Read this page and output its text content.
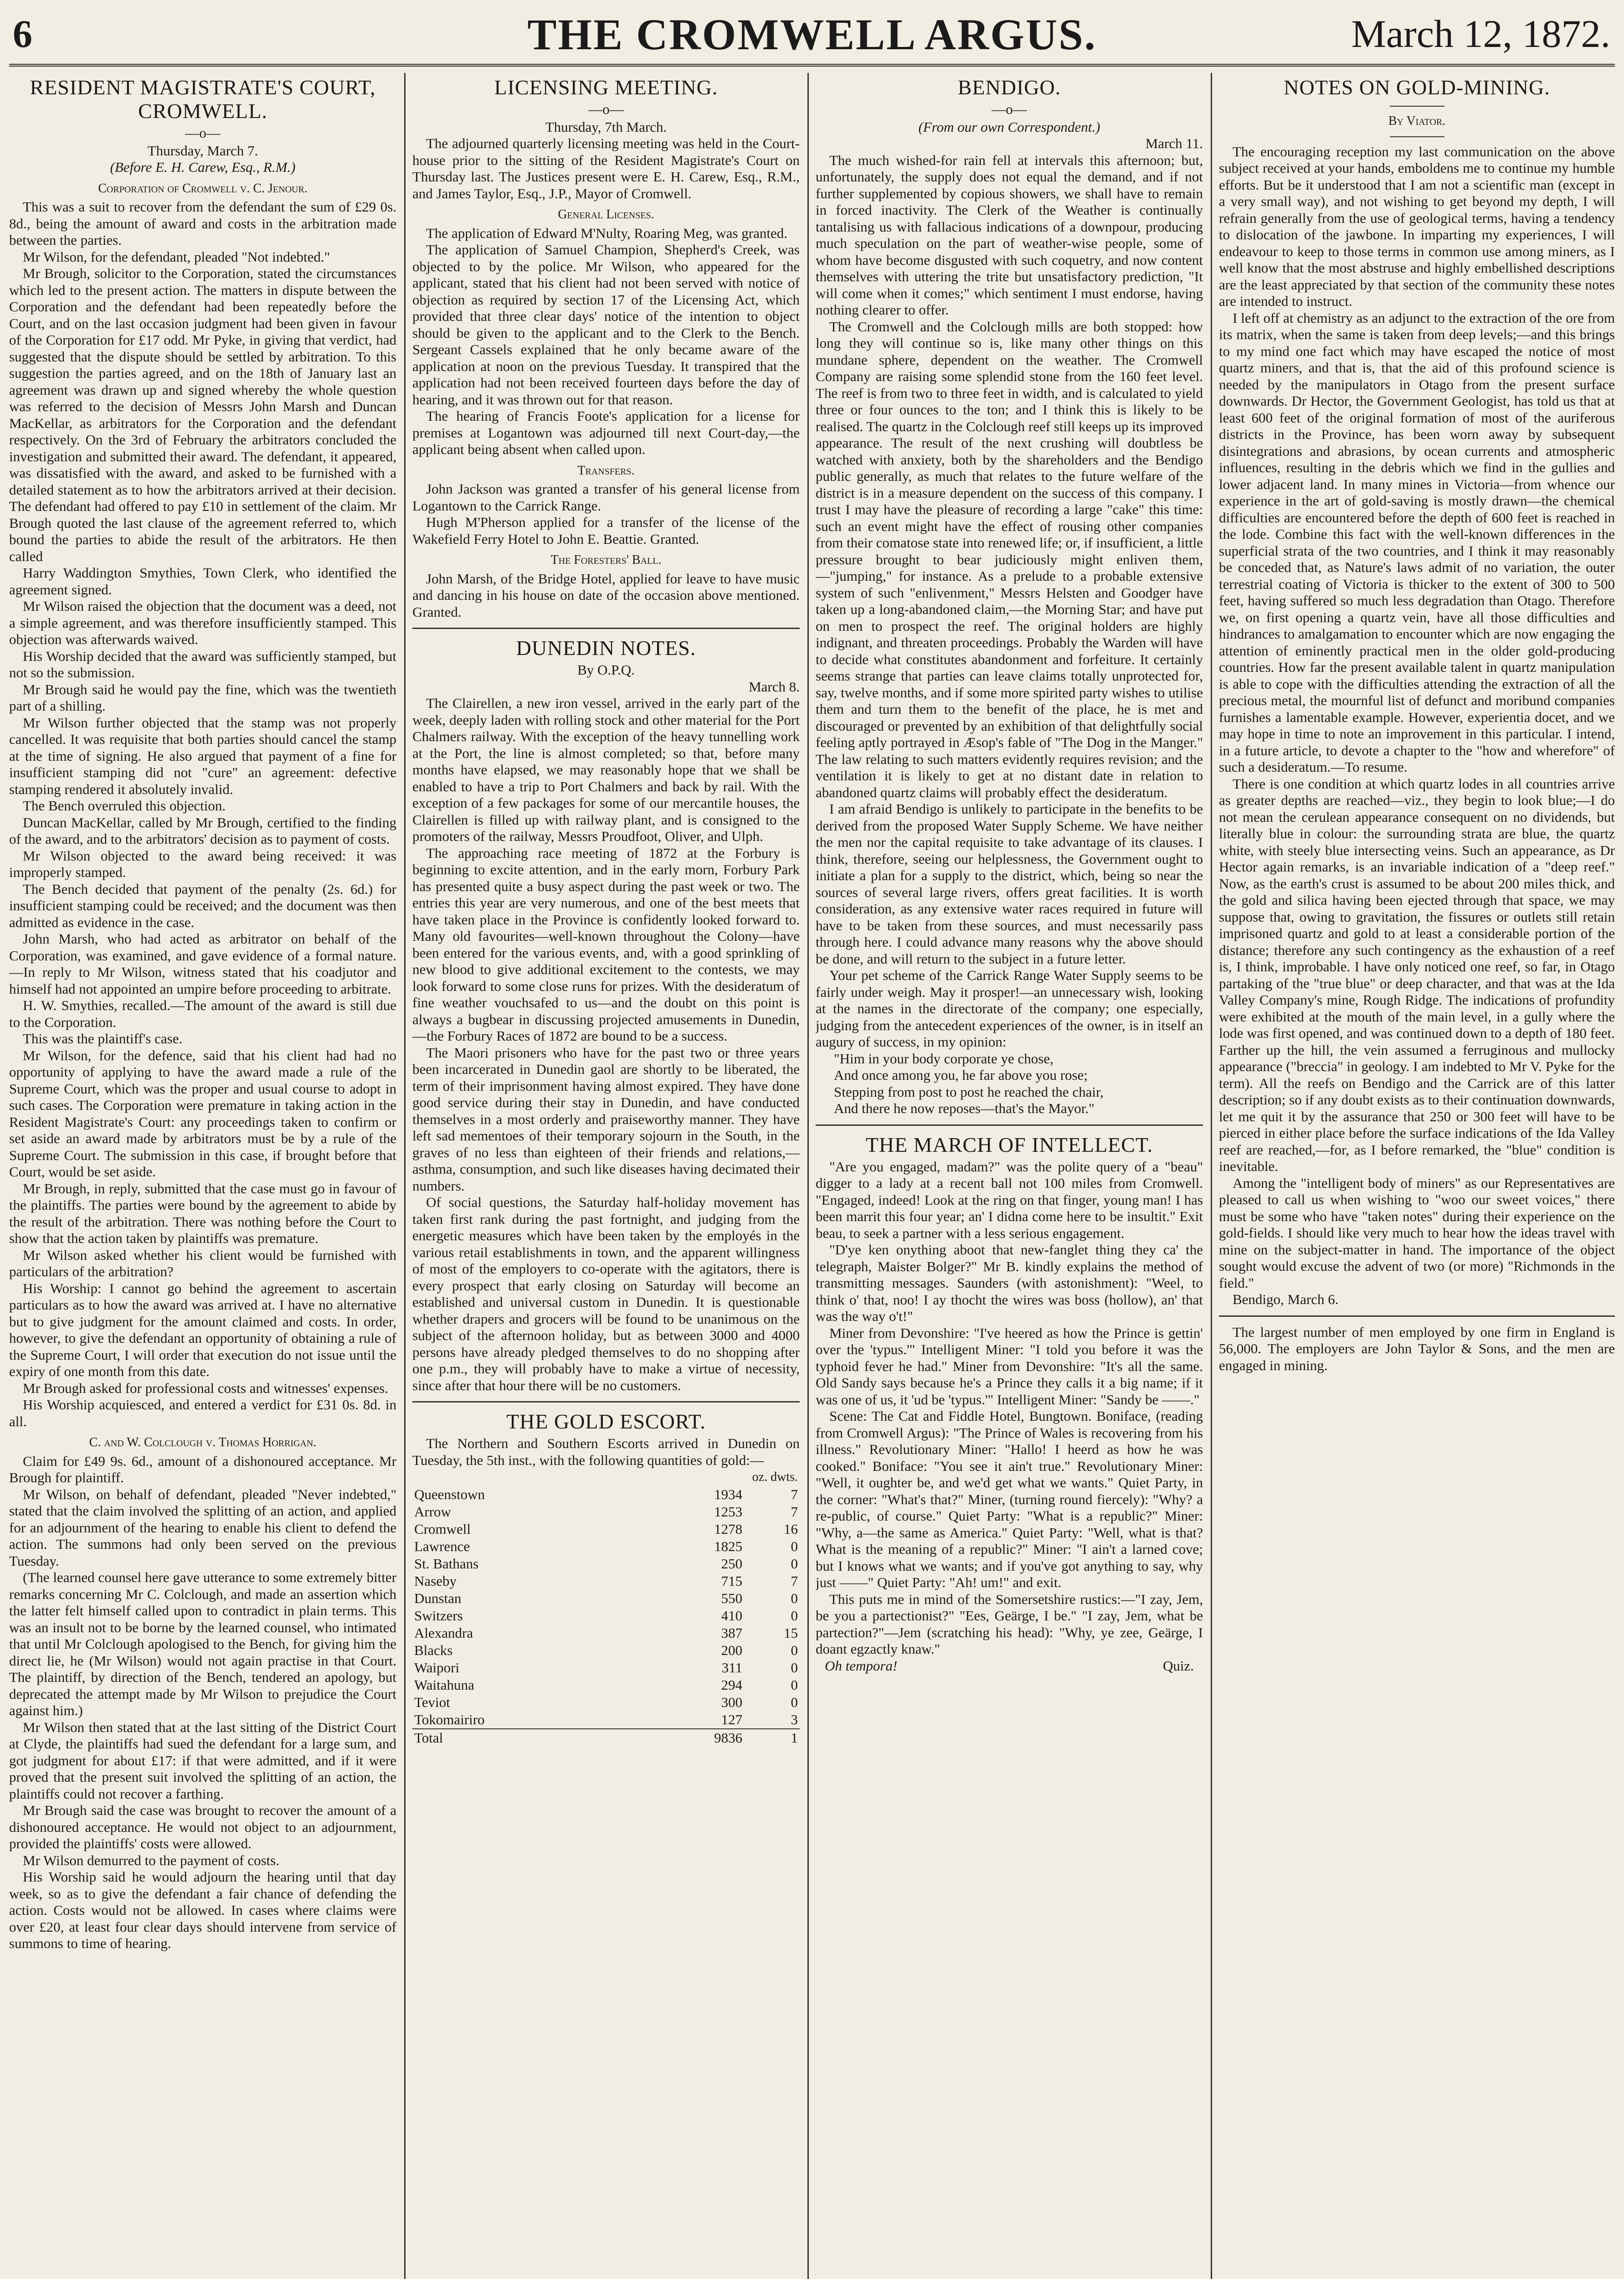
6	THE CROMWELL ARGUS.	March 12, 1872.
RESIDENT MAGISTRATE'S COURT, CROMWELL.
—o—
Thursday, March 7.
(Before E. H. Carew, Esq., R.M.)
Corporation of Cromwell v. C. Jenour.

This was a suit to recover from the defendant the sum of £29 0s. 8d., being the amount of award and costs in the arbitration made between the parties.

Mr Wilson, for the defendant, pleaded "Not indebted."

Mr Brough, solicitor to the Corporation, stated the circumstances which led to the present action. The matters in dispute between the Corporation and the defendant had been repeatedly before the Court, and on the last occasion judgment had been given in favour of the Corporation for £17 odd. Mr Pyke, in giving that verdict, had suggested that the dispute should be settled by arbitration. To this suggestion the parties agreed, and on the 18th of January last an agreement was drawn up and signed whereby the whole question was referred to the decision of Messrs John Marsh and Duncan MacKellar, as arbitrators for the Corporation and the defendant respectively. On the 3rd of February the arbitrators concluded the investigation and submitted their award. The defendant, it appeared, was dissatisfied with the award, and asked to be furnished with a detailed statement as to how the arbitrators arrived at their decision. The defendant had offered to pay £10 in settlement of the claim. Mr Brough quoted the last clause of the agreement referred to, which bound the parties to abide the result of the arbitrators. He then called

Harry Waddington Smythies, Town Clerk, who identified the agreement signed.

Mr Wilson raised the objection that the document was a deed, not a simple agreement, and was therefore insufficiently stamped. This objection was afterwards waived.

His Worship decided that the award was sufficiently stamped, but not so the submission.

Mr Brough said he would pay the fine, which was the twentieth part of a shilling.

Mr Wilson further objected that the stamp was not properly cancelled. It was requisite that both parties should cancel the stamp at the time of signing. He also argued that payment of a fine for insufficient stamping did not "cure" an agreement: defective stamping rendered it absolutely invalid.

The Bench overruled this objection.

Duncan MacKellar, called by Mr Brough, certified to the finding of the award, and to the arbitrators' decision as to payment of costs.

Mr Wilson objected to the award being received: it was improperly stamped.

The Bench decided that payment of the penalty (2s. 6d.) for insufficient stamping could be received; and the document was then admitted as evidence in the case.

John Marsh, who had acted as arbitrator on behalf of the Corporation, was examined, and gave evidence of a formal nature.—In reply to Mr Wilson, witness stated that his coadjutor and himself had not appointed an umpire before proceeding to arbitrate.

H. W. Smythies, recalled.—The amount of the award is still due to the Corporation.

This was the plaintiff's case.

Mr Wilson, for the defence, said that his client had had no opportunity of applying to have the award made a rule of the Supreme Court, which was the proper and usual course to adopt in such cases. The Corporation were premature in taking action in the Resident Magistrate's Court: any proceedings taken to confirm or set aside an award made by arbitrators must be by a rule of the Supreme Court. The submission in this case, if brought before that Court, would be set aside.

Mr Brough, in reply, submitted that the case must go in favour of the plaintiffs. The parties were bound by the agreement to abide by the result of the arbitration. There was nothing before the Court to show that the action taken by plaintiffs was premature.

Mr Wilson asked whether his client would be furnished with particulars of the arbitration?

His Worship: I cannot go behind the agreement to ascertain particulars as to how the award was arrived at. I have no alternative but to give judgment for the amount claimed and costs. In order, however, to give the defendant an opportunity of obtaining a rule of the Supreme Court, I will order that execution do not issue until the expiry of one month from this date.

Mr Brough asked for professional costs and witnesses' expenses.

His Worship acquiesced, and entered a verdict for £31 0s. 8d. in all.

C. and W. Colclough v. Thomas Horrigan.

Claim for £49 9s. 6d., amount of a dishonoured acceptance. Mr Brough for plaintiff.

Mr Wilson, on behalf of defendant, pleaded "Never indebted," stated that the claim involved the splitting of an action, and applied for an adjournment of the hearing to enable his client to defend the action. The summons had only been served on the previous Tuesday.

(The learned counsel here gave utterance to some extremely bitter remarks concerning Mr C. Colclough, and made an assertion which the latter felt himself called upon to contradict in plain terms. This was an insult not to be borne by the learned counsel, who intimated that until Mr Colclough apologised to the Bench, for giving him the direct lie, he (Mr Wilson) would not again practise in that Court. The plaintiff, by direction of the Bench, tendered an apology, but deprecated the attempt made by Mr Wilson to prejudice the Court against him.)

Mr Wilson then stated that at the last sitting of the District Court at Clyde, the plaintiffs had sued the defendant for a large sum, and got judgment for about £17: if that were admitted, and if it were proved that the present suit involved the splitting of an action, the plaintiffs could not recover a farthing.

Mr Brough said the case was brought to recover the amount of a dishonoured acceptance. He would not object to an adjournment, provided the plaintiffs' costs were allowed.

Mr Wilson demurred to the payment of costs.

His Worship said he would adjourn the hearing until that day week, so as to give the defendant a fair chance of defending the action. Costs would not be allowed. In cases where claims were over £20, at least four clear days should intervene from service of summons to time of hearing.

LICENSING MEETING.
—o—
Thursday, 7th March.

The adjourned quarterly licensing meeting was held in the Court-house prior to the sitting of the Resident Magistrate's Court on Thursday last. The Justices present were E. H. Carew, Esq., R.M., and James Taylor, Esq., J.P., Mayor of Cromwell.

General Licenses.

The application of Edward M'Nulty, Roaring Meg, was granted.

The application of Samuel Champion, Shepherd's Creek, was objected to by the police. Mr Wilson, who appeared for the applicant, stated that his client had not been served with notice of objection as required by section 17 of the Licensing Act, which provided that three clear days' notice of the intention to object should be given to the applicant and to the Clerk to the Bench. Sergeant Cassels explained that he only became aware of the application at noon on the previous Tuesday. It transpired that the application had not been received fourteen days before the day of hearing, and it was thrown out for that reason.

The hearing of Francis Foote's application for a license for premises at Logantown was adjourned till next Court-day,—the applicant being absent when called upon.

Transfers.

John Jackson was granted a transfer of his general license from Logantown to the Carrick Range.

Hugh M'Pherson applied for a transfer of the license of the Wakefield Ferry Hotel to John E. Beattie. Granted.

The Foresters' Ball.

John Marsh, of the Bridge Hotel, applied for leave to have music and dancing in his house on date of the occasion above mentioned. Granted.

DUNEDIN NOTES.
By O.P.Q.
March 8.

The Clairellen, a new iron vessel, arrived in the early part of the week, deeply laden with rolling stock and other material for the Port Chalmers railway. With the exception of the heavy tunnelling work at the Port, the line is almost completed; so that, before many months have elapsed, we may reasonably hope that we shall be enabled to have a trip to Port Chalmers and back by rail. With the exception of a few packages for some of our mercantile houses, the Clairellen is filled up with railway plant, and is consigned to the promoters of the railway, Messrs Proudfoot, Oliver, and Ulph.

The approaching race meeting of 1872 at the Forbury is beginning to excite attention, and in the early morn, Forbury Park has presented quite a busy aspect during the past week or two. The entries this year are very numerous, and one of the best meets that have taken place in the Province is confidently looked forward to. Many old favourites—well-known throughout the Colony—have been entered for the various events, and, with a good sprinkling of new blood to give additional excitement to the contests, we may look forward to some close runs for prizes. With the desideratum of fine weather vouchsafed to us—and the doubt on this point is always a bugbear in discussing projected amusements in Dunedin,—the Forbury Races of 1872 are bound to be a success.

The Maori prisoners who have for the past two or three years been incarcerated in Dunedin gaol are shortly to be liberated, the term of their imprisonment having almost expired. They have done good service during their stay in Dunedin, and have conducted themselves in a most orderly and praiseworthy manner. They have left sad mementoes of their temporary sojourn in the South, in the graves of no less than eighteen of their friends and relations,—asthma, consumption, and such like diseases having decimated their numbers.

Of social questions, the Saturday half-holiday movement has taken first rank during the past fortnight, and judging from the energetic measures which have been taken by the employés in the various retail establishments in town, and the apparent willingness of most of the employers to co-operate with the agitators, there is every prospect that early closing on Saturday will become an established and universal custom in Dunedin. It is questionable whether drapers and grocers will be found to be unanimous on the subject of the afternoon holiday, but as between 3000 and 4000 persons have already pledged themselves to do no shopping after one p.m., they will probably have to make a virtue of necessity, since after that hour there will be no customers.

THE GOLD ESCORT.

The Northern and Southern Escorts arrived in Dunedin on Tuesday, the 5th inst., with the following quantities of gold:—

	oz. dwts.	
Queenstown	1934	7
Arrow	1253	7
Cromwell	1278	16
Lawrence	1825	0
St. Bathans	250	0
Naseby	715	7
Dunstan	550	0
Switzers	410	0
Alexandra	387	15
Blacks	200	0
Waipori	311	0
Waitahuna	294	0
Teviot	300	0
Tokomairiro	127	3
Total	9836	1
BENDIGO.
—o—
(From our own Correspondent.)
March 11.

The much wished-for rain fell at intervals this afternoon; but, unfortunately, the supply does not equal the demand, and if not further supplemented by copious showers, we shall have to remain in forced inactivity. The Clerk of the Weather is continually tantalising us with fallacious indications of a downpour, producing much speculation on the part of weather-wise people, some of whom have become disgusted with such coquetry, and now content themselves with uttering the trite but unsatisfactory prediction, "It will come when it comes;" which sentiment I must endorse, having nothing clearer to offer.

The Cromwell and the Colclough mills are both stopped: how long they will continue so is, like many other things on this mundane sphere, dependent on the weather. The Cromwell Company are raising some splendid stone from the 160 feet level. The reef is from two to three feet in width, and is calculated to yield three or four ounces to the ton; and I think this is likely to be realised. The quartz in the Colclough reef still keeps up its improved appearance. The result of the next crushing will doubtless be watched with anxiety, both by the shareholders and the Bendigo public generally, as much that relates to the future welfare of the district is in a measure dependent on the success of this company. I trust I may have the pleasure of recording a large "cake" this time: such an event might have the effect of rousing other companies from their comatose state into renewed life; or, if insufficient, a little pressure brought to bear judiciously might enliven them,—"jumping," for instance. As a prelude to a probable extensive system of such "enlivenment," Messrs Helsten and Goodger have taken up a long-abandoned claim,—the Morning Star; and have put on men to prospect the reef. The original holders are highly indignant, and threaten proceedings. Probably the Warden will have to decide what constitutes abandonment and forfeiture. It certainly seems strange that parties can leave claims totally unprotected for, say, twelve months, and if some more spirited party wishes to utilise them and turn them to the benefit of the place, he is met and discouraged or prevented by an exhibition of that delightfully social feeling aptly portrayed in Æsop's fable of "The Dog in the Manger." The law relating to such matters evidently requires revision; and the ventilation it is likely to get at no distant date in relation to abandoned quartz claims will probably effect the desideratum.

I am afraid Bendigo is unlikely to participate in the benefits to be derived from the proposed Water Supply Scheme. We have neither the men nor the capital requisite to take advantage of its clauses. I think, therefore, seeing our helplessness, the Government ought to initiate a plan for a supply to the district, which, being so near the sources of several large rivers, offers great facilities. It is worth consideration, as any extensive water races required in future will have to be taken from these sources, and must necessarily pass through here. I could advance many reasons why the above should be done, and will return to the subject in a future letter.

Your pet scheme of the Carrick Range Water Supply seems to be fairly under weigh. May it prosper!—an unnecessary wish, looking at the names in the directorate of the company; one especially, judging from the antecedent experiences of the owner, is in itself an augury of success, in my opinion:

"Him in your body corporate ye chose,

And once among you, he far above you rose;

Stepping from post to post he reached the chair,

And there he now reposes—that's the Mayor."

THE MARCH OF INTELLECT.

"Are you engaged, madam?" was the polite query of a "beau" digger to a lady at a recent ball not 100 miles from Cromwell. "Engaged, indeed! Look at the ring on that finger, young man! I has been marrit this four year; an' I didna come here to be insultit." Exit beau, to seek a partner with a less serious engagement.

"D'ye ken onything aboot that new-fanglet thing they ca' the telegraph, Maister Bolger?" Mr B. kindly explains the method of transmitting messages. Saunders (with astonishment): "Weel, to think o' that, noo! I ay thocht the wires was boss (hollow), an' that was the way o't!"

Miner from Devonshire: "I've heered as how the Prince is gettin' over the 'typus.'" Intelligent Miner: "I told you before it was the typhoid fever he had." Miner from Devonshire: "It's all the same. Old Sandy says because he's a Prince they calls it a big name; if it was one of us, it 'ud be 'typus.'" Intelligent Miner: "Sandy be ——."

Scene: The Cat and Fiddle Hotel, Bungtown. Boniface, (reading from Cromwell Argus): "The Prince of Wales is recovering from his illness." Revolutionary Miner: "Hallo! I heerd as how he was cooked." Boniface: "You see it ain't true." Revolutionary Miner: "Well, it oughter be, and we'd get what we wants." Quiet Party, in the corner: "What's that?" Miner, (turning round fiercely): "Why? a re-public, of course." Quiet Party: "What is a republic?" Miner: "Why, a—the same as America." Quiet Party: "Well, what is that? What is the meaning of a republic?" Miner: "I ain't a larned cove; but I knows what we wants; and if you've got anything to say, why just ——" Quiet Party: "Ah! um!" and exit.

This puts me in mind of the Somersetshire rustics:—"I zay, Jem, be you a partectionist?" "Ees, Geärge, I be." "I zay, Jem, what be partection?"—Jem (scratching his head): "Why, ye zee, Geärge, I doant egzactly knaw."

Oh tempora!	Quiz.
NOTES ON GOLD-MINING.
By Viator.

The encouraging reception my last communication on the above subject received at your hands, emboldens me to continue my humble efforts. But be it understood that I am not a scientific man (except in a very small way), and not wishing to get beyond my depth, I will refrain generally from the use of geological terms, having a tendency to dislocation of the jawbone. In imparting my experiences, I will endeavour to keep to those terms in common use among miners, as I well know that the most abstruse and highly embellished descriptions are the least appreciated by that section of the community these notes are intended to instruct.

I left off at chemistry as an adjunct to the extraction of the ore from its matrix, when the same is taken from deep levels;—and this brings to my mind one fact which may have escaped the notice of most quartz miners, and that is, that the aid of this profound science is needed by the manipulators in Otago from the present surface downwards. Dr Hector, the Government Geologist, has told us that at least 600 feet of the original formation of most of the auriferous districts in the Province, has been worn away by subsequent disintegrations and abrasions, by ocean currents and atmospheric influences, resulting in the debris which we find in the gullies and lower adjacent land. In many mines in Victoria—from whence our experience in the art of gold-saving is mostly drawn—the chemical difficulties are encountered before the depth of 600 feet is reached in the lode. Combine this fact with the well-known differences in the superficial strata of the two countries, and I think it may reasonably be conceded that, as Nature's laws admit of no variation, the outer terrestrial coating of Victoria is thicker to the extent of 300 to 500 feet, having suffered so much less degradation than Otago. Therefore we, on first opening a quartz vein, have all those difficulties and hindrances to amalgamation to encounter which are now engaging the attention of eminently practical men in the older gold-producing countries. How far the present available talent in quartz manipulation is able to cope with the difficulties attending the extraction of all the precious metal, the mournful list of defunct and moribund companies furnishes a lamentable example. However, experientia docet, and we may hope in time to note an improvement in this particular. I intend, in a future article, to devote a chapter to the "how and wherefore" of such a desideratum.—To resume.

There is one condition at which quartz lodes in all countries arrive as greater depths are reached—viz., they begin to look blue;—I do not mean the cerulean appearance consequent on no dividends, but literally blue in colour: the surrounding strata are blue, the quartz white, with steely blue intersecting veins. Such an appearance, as Dr Hector again remarks, is an invariable indication of a "deep reef." Now, as the earth's crust is assumed to be about 200 miles thick, and the gold and silica having been ejected through that space, we may suppose that, owing to gravitation, the fissures or outlets still retain imprisoned quartz and gold to at least a considerable portion of the distance; therefore any such contingency as the exhaustion of a reef is, I think, improbable. I have only noticed one reef, so far, in Otago partaking of the "true blue" or deep character, and that was at the Ida Valley Company's mine, Rough Ridge. The indications of profundity were exhibited at the mouth of the main level, in a gully where the lode was first opened, and was continued down to a depth of 180 feet. Farther up the hill, the vein assumed a ferruginous and mullocky appearance ("breccia" in geology. I am indebted to Mr V. Pyke for the term). All the reefs on Bendigo and the Carrick are of this latter description; so if any doubt exists as to their continuation downwards, let me quit it by the assurance that 250 or 300 feet will have to be pierced in either place before the surface indications of the Ida Valley reef are reached,—for, as I before remarked, the "blue" condition is inevitable.

Among the "intelligent body of miners" as our Representatives are pleased to call us when wishing to "woo our sweet voices," there must be some who have "taken notes" during their experience on the gold-fields. I should like very much to hear how the ideas travel with mine on the subject-matter in hand. The importance of the object sought would excuse the advent of two (or more) "Richmonds in the field."

Bendigo, March 6.

The largest number of men employed by one firm in England is 56,000. The employers are John Taylor & Sons, and the men are engaged in mining.
